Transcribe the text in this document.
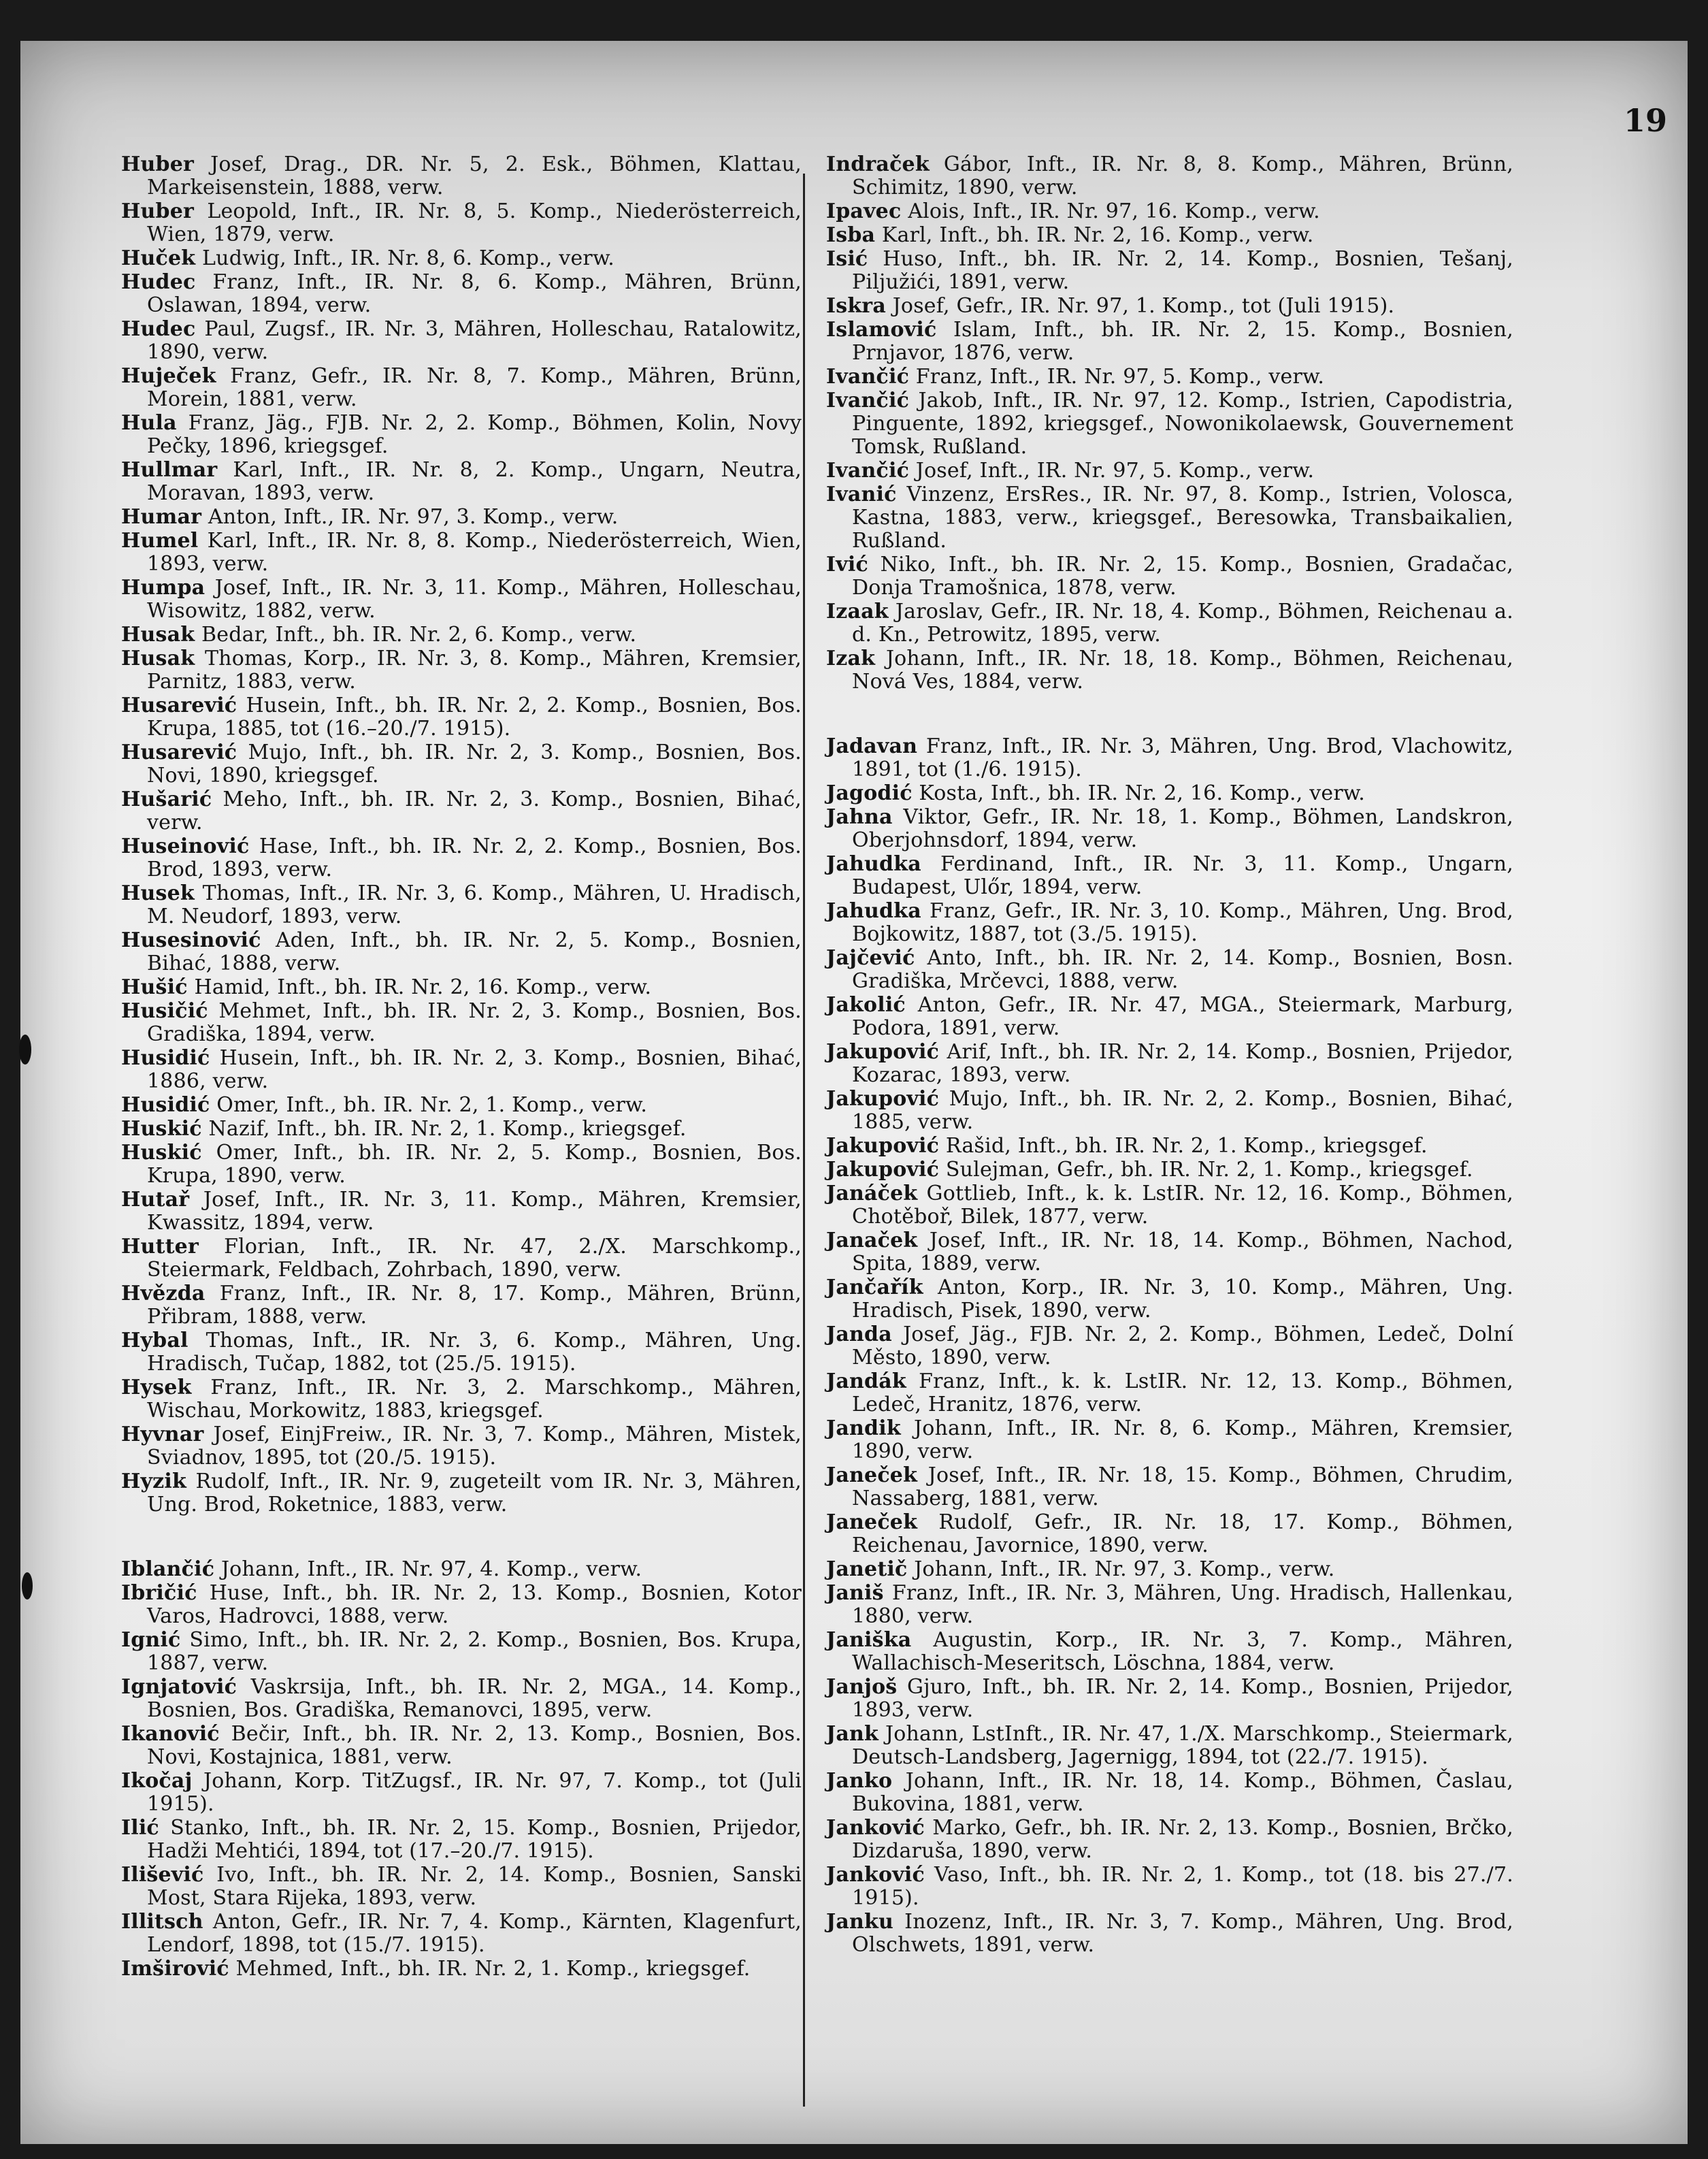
19
Huber Josef, Drag., DR. Nr. 5, 2. Esk., Böhmen, Klattau, Markeisenstein, 1888, verw.
Huber Leopold, Inft., IR. Nr. 8, 5. Komp., Niederösterreich, Wien, 1879, verw.
Huček Ludwig, Inft., IR. Nr. 8, 6. Komp., verw.
Hudec Franz, Inft., IR. Nr. 8, 6. Komp., Mähren, Brünn, Oslawan, 1894, verw.
Hudec Paul, Zugsf., IR. Nr. 3, Mähren, Holleschau, Ratalowitz, 1890, verw.
Huječek Franz, Gefr., IR. Nr. 8, 7. Komp., Mähren, Brünn, Morein, 1881, verw.
Hula Franz, Jäg., FJB. Nr. 2, 2. Komp., Böhmen, Kolin, Novy Pečky, 1896, kriegsgef.
Hullmar Karl, Inft., IR. Nr. 8, 2. Komp., Ungarn, Neutra, Moravan, 1893, verw.
Humar Anton, Inft., IR. Nr. 97, 3. Komp., verw.
Humel Karl, Inft., IR. Nr. 8, 8. Komp., Niederösterreich, Wien, 1893, verw.
Humpa Josef, Inft., IR. Nr. 3, 11. Komp., Mähren, Holleschau, Wisowitz, 1882, verw.
Husak Bedar, Inft., bh. IR. Nr. 2, 6. Komp., verw.
Husak Thomas, Korp., IR. Nr. 3, 8. Komp., Mähren, Kremsier, Parnitz, 1883, verw.
Husarević Husein, Inft., bh. IR. Nr. 2, 2. Komp., Bosnien, Bos. Krupa, 1885, tot (16.–20./7. 1915).
Husarević Mujo, Inft., bh. IR. Nr. 2, 3. Komp., Bosnien, Bos. Novi, 1890, kriegsgef.
Hušarić Meho, Inft., bh. IR. Nr. 2, 3. Komp., Bosnien, Bihać, verw.
Huseinović Hase, Inft., bh. IR. Nr. 2, 2. Komp., Bosnien, Bos. Brod, 1893, verw.
Husek Thomas, Inft., IR. Nr. 3, 6. Komp., Mähren, U. Hradisch, M. Neudorf, 1893, verw.
Husesinović Aden, Inft., bh. IR. Nr. 2, 5. Komp., Bosnien, Bihać, 1888, verw.
Hušić Hamid, Inft., bh. IR. Nr. 2, 16. Komp., verw.
Husičić Mehmet, Inft., bh. IR. Nr. 2, 3. Komp., Bosnien, Bos. Gradiška, 1894, verw.
Husidić Husein, Inft., bh. IR. Nr. 2, 3. Komp., Bosnien, Bihać, 1886, verw.
Husidić Omer, Inft., bh. IR. Nr. 2, 1. Komp., verw.
Huskić Nazif, Inft., bh. IR. Nr. 2, 1. Komp., kriegsgef.
Huskić Omer, Inft., bh. IR. Nr. 2, 5. Komp., Bosnien, Bos. Krupa, 1890, verw.
Hutař Josef, Inft., IR. Nr. 3, 11. Komp., Mähren, Kremsier, Kwassitz, 1894, verw.
Hutter Florian, Inft., IR. Nr. 47, 2./X. Marschkomp., Steiermark, Feldbach, Zohrbach, 1890, verw.
Hvězda Franz, Inft., IR. Nr. 8, 17. Komp., Mähren, Brünn, Přibram, 1888, verw.
Hybal Thomas, Inft., IR. Nr. 3, 6. Komp., Mähren, Ung. Hradisch, Tučap, 1882, tot (25./5. 1915).
Hysek Franz, Inft., IR. Nr. 3, 2. Marschkomp., Mähren, Wischau, Morkowitz, 1883, kriegsgef.
Hyvnar Josef, EinjFreiw., IR. Nr. 3, 7. Komp., Mähren, Mistek, Sviadnov, 1895, tot (20./5. 1915).
Hyzik Rudolf, Inft., IR. Nr. 9, zugeteilt vom IR. Nr. 3, Mähren, Ung. Brod, Roketnice, 1883, verw.
Iblančić Johann, Inft., IR. Nr. 97, 4. Komp., verw.
Ibričić Huse, Inft., bh. IR. Nr. 2, 13. Komp., Bosnien, Kotor Varos, Hadrovci, 1888, verw.
Ignić Simo, Inft., bh. IR. Nr. 2, 2. Komp., Bosnien, Bos. Krupa, 1887, verw.
Ignjatović Vaskrsija, Inft., bh. IR. Nr. 2, MGA., 14. Komp., Bosnien, Bos. Gradiška, Remanovci, 1895, verw.
Ikanović Bečir, Inft., bh. IR. Nr. 2, 13. Komp., Bosnien, Bos. Novi, Kostajnica, 1881, verw.
Ikočaj Johann, Korp. TitZugsf., IR. Nr. 97, 7. Komp., tot (Juli 1915).
Ilić Stanko, Inft., bh. IR. Nr. 2, 15. Komp., Bosnien, Prijedor, Hadži Mehtići, 1894, tot (17.–20./7. 1915).
Ilišević Ivo, Inft., bh. IR. Nr. 2, 14. Komp., Bosnien, Sanski Most, Stara Rijeka, 1893, verw.
Illitsch Anton, Gefr., IR. Nr. 7, 4. Komp., Kärnten, Klagenfurt, Lendorf, 1898, tot (15./7. 1915).
Imširović Mehmed, Inft., bh. IR. Nr. 2, 1. Komp., kriegsgef.
Indraček Gábor, Inft., IR. Nr. 8, 8. Komp., Mähren, Brünn, Schimitz, 1890, verw.
Ipavec Alois, Inft., IR. Nr. 97, 16. Komp., verw.
Isba Karl, Inft., bh. IR. Nr. 2, 16. Komp., verw.
Isić Huso, Inft., bh. IR. Nr. 2, 14. Komp., Bosnien, Tešanj, Piljužići, 1891, verw.
Iskra Josef, Gefr., IR. Nr. 97, 1. Komp., tot (Juli 1915).
Islamović Islam, Inft., bh. IR. Nr. 2, 15. Komp., Bosnien, Prnjavor, 1876, verw.
Ivančić Franz, Inft., IR. Nr. 97, 5. Komp., verw.
Ivančić Jakob, Inft., IR. Nr. 97, 12. Komp., Istrien, Capodistria, Pinguente, 1892, kriegsgef., Nowonikolaewsk, Gouvernement Tomsk, Rußland.
Ivančić Josef, Inft., IR. Nr. 97, 5. Komp., verw.
Ivanić Vinzenz, ErsRes., IR. Nr. 97, 8. Komp., Istrien, Volosca, Kastna, 1883, verw., kriegsgef., Beresowka, Transbaikalien, Rußland.
Ivić Niko, Inft., bh. IR. Nr. 2, 15. Komp., Bosnien, Gradačac, Donja Tramošnica, 1878, verw.
Izaak Jaroslav, Gefr., IR. Nr. 18, 4. Komp., Böhmen, Reichenau a. d. Kn., Petrowitz, 1895, verw.
Izak Johann, Inft., IR. Nr. 18, 18. Komp., Böhmen, Reichenau, Nová Ves, 1884, verw.
Jadavan Franz, Inft., IR. Nr. 3, Mähren, Ung. Brod, Vlachowitz, 1891, tot (1./6. 1915).
Jagodić Kosta, Inft., bh. IR. Nr. 2, 16. Komp., verw.
Jahna Viktor, Gefr., IR. Nr. 18, 1. Komp., Böhmen, Landskron, Oberjohnsdorf, 1894, verw.
Jahudka Ferdinand, Inft., IR. Nr. 3, 11. Komp., Ungarn, Budapest, Ulőr, 1894, verw.
Jahudka Franz, Gefr., IR. Nr. 3, 10. Komp., Mähren, Ung. Brod, Bojkowitz, 1887, tot (3./5. 1915).
Jajčević Anto, Inft., bh. IR. Nr. 2, 14. Komp., Bosnien, Bosn. Gradiška, Mrčevci, 1888, verw.
Jakolić Anton, Gefr., IR. Nr. 47, MGA., Steiermark, Marburg, Podora, 1891, verw.
Jakupović Arif, Inft., bh. IR. Nr. 2, 14. Komp., Bosnien, Prijedor, Kozarac, 1893, verw.
Jakupović Mujo, Inft., bh. IR. Nr. 2, 2. Komp., Bosnien, Bihać, 1885, verw.
Jakupović Rašid, Inft., bh. IR. Nr. 2, 1. Komp., kriegsgef.
Jakupović Sulejman, Gefr., bh. IR. Nr. 2, 1. Komp., kriegsgef.
Janáček Gottlieb, Inft., k. k. LstIR. Nr. 12, 16. Komp., Böhmen, Chotěboř, Bilek, 1877, verw.
Janaček Josef, Inft., IR. Nr. 18, 14. Komp., Böhmen, Nachod, Spita, 1889, verw.
Jančařík Anton, Korp., IR. Nr. 3, 10. Komp., Mähren, Ung. Hradisch, Pisek, 1890, verw.
Janda Josef, Jäg., FJB. Nr. 2, 2. Komp., Böhmen, Ledeč, Dolní Město, 1890, verw.
Jandák Franz, Inft., k. k. LstIR. Nr. 12, 13. Komp., Böhmen, Ledeč, Hranitz, 1876, verw.
Jandik Johann, Inft., IR. Nr. 8, 6. Komp., Mähren, Kremsier, 1890, verw.
Janeček Josef, Inft., IR. Nr. 18, 15. Komp., Böhmen, Chrudim, Nassaberg, 1881, verw.
Janeček Rudolf, Gefr., IR. Nr. 18, 17. Komp., Böhmen, Reichenau, Javornice, 1890, verw.
Janetič Johann, Inft., IR. Nr. 97, 3. Komp., verw.
Janiš Franz, Inft., IR. Nr. 3, Mähren, Ung. Hradisch, Hallenkau, 1880, verw.
Janiška Augustin, Korp., IR. Nr. 3, 7. Komp., Mähren, Wallachisch-Meseritsch, Löschna, 1884, verw.
Janjoš Gjuro, Inft., bh. IR. Nr. 2, 14. Komp., Bosnien, Prijedor, 1893, verw.
Jank Johann, LstInft., IR. Nr. 47, 1./X. Marschkomp., Steiermark, Deutsch-Landsberg, Jagernigg, 1894, tot (22./7. 1915).
Janko Johann, Inft., IR. Nr. 18, 14. Komp., Böhmen, Časlau, Bukovina, 1881, verw.
Janković Marko, Gefr., bh. IR. Nr. 2, 13. Komp., Bosnien, Brčko, Dizdaruša, 1890, verw.
Janković Vaso, Inft., bh. IR. Nr. 2, 1. Komp., tot (18. bis 27./7. 1915).
Janku Inozenz, Inft., IR. Nr. 3, 7. Komp., Mähren, Ung. Brod, Olschwets, 1891, verw.
